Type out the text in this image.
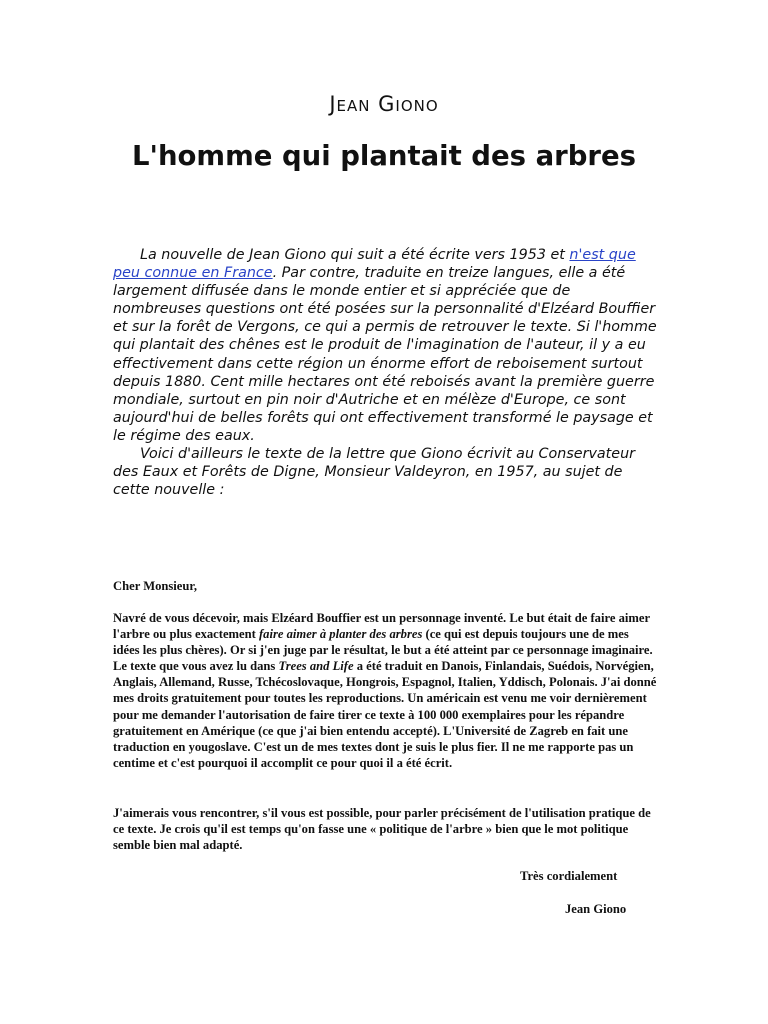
Jean Giono
L'homme qui plantait des arbres

La nouvelle de Jean Giono qui suit a été écrite vers 1953 et n'est que peu connue en France. Par contre, traduite en treize langues, elle a été largement diffusée dans le monde entier et si appréciée que de nombreuses questions ont été posées sur la personnalité d'Elzéard Bouffier et sur la forêt de Vergons, ce qui a permis de retrouver le texte. Si l'homme qui plantait des chênes est le produit de l'imagination de l'auteur, il y a eu effectivement dans cette région un énorme effort de reboisement surtout depuis 1880. Cent mille hectares ont été reboisés avant la première guerre mondiale, surtout en pin noir d'Autriche et en mélèze d'Europe, ce sont aujourd'hui de belles forêts qui ont effectivement transformé le paysage et le régime des eaux.

Voici d'ailleurs le texte de la lettre que Giono écrivit au Conservateur des Eaux et Forêts de Digne, Monsieur Valdeyron, en 1957, au sujet de cette nouvelle :

Cher Monsieur,
Navré de vous décevoir, mais Elzéard Bouffier est un personnage inventé. Le but était de faire aimer l'arbre ou plus exactement faire aimer à planter des arbres (ce qui est depuis toujours une de mes idées les plus chères). Or si j'en juge par le résultat, le but a été atteint par ce personnage imaginaire. Le texte que vous avez lu dans Trees and Life a été traduit en Danois, Finlandais, Suédois, Norvégien, Anglais, Allemand, Russe, Tchécoslovaque, Hongrois, Espagnol, Italien, Yddisch, Polonais. J'ai donné mes droits gratuitement pour toutes les reproductions. Un américain est venu me voir dernièrement pour me demander l'autorisation de faire tirer ce texte à 100 000 exemplaires pour les répandre gratuitement en Amérique (ce que j'ai bien entendu accepté). L'Université de Zagreb en fait une traduction en yougoslave. C'est un de mes textes dont je suis le plus fier. Il ne me rapporte pas un centime et c'est pourquoi il accomplit ce pour quoi il a été écrit.
J'aimerais vous rencontrer, s'il vous est possible, pour parler précisément de l'utilisation pratique de ce texte. Je crois qu'il est temps qu'on fasse une « politique de l'arbre » bien que le mot politique semble bien mal adapté.
Très cordialement
Jean Giono
